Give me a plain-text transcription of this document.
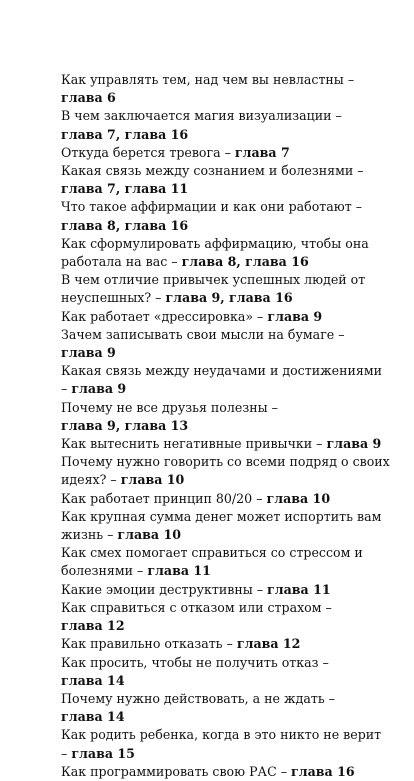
Как управлять тем, над чем вы невластны – глава 6

В чем заключается магия визуализации – глава 7, глава 16

Откуда берется тревога – глава 7

Какая связь между сознанием и болезнями – глава 7, глава 11

Что такое аффирмации и как они работают – глава 8, глава 16

Как сформулировать аффирмацию, чтобы она работала на вас – глава 8, глава 16

В чем отличие привычек успешных людей от неуспешных? – глава 9, глава 16

Как работает «дрессировка» – глава 9

Зачем записывать свои мысли на бумаге – глава 9

Какая связь между неудачами и достижениями – глава 9

Почему не все друзья полезны – глава 9, глава 13

Как вытеснить негативные привычки – глава 9

Почему нужно говорить со всеми подряд о своих идеях? – глава 10

Как работает принцип 80/20 – глава 10

Как крупная сумма денег может испортить вам жизнь – глава 10

Как смех помогает справиться со стрессом и болезнями – глава 11

Какие эмоции деструктивны – глава 11

Как справиться с отказом или страхом – глава 12

Как правильно отказать – глава 12

Как просить, чтобы не получить отказ – глава 14

Почему нужно действовать, а не ждать – глава 14

Как родить ребенка, когда в это никто не верит – глава 15

Как программировать свою РАС – глава 16
